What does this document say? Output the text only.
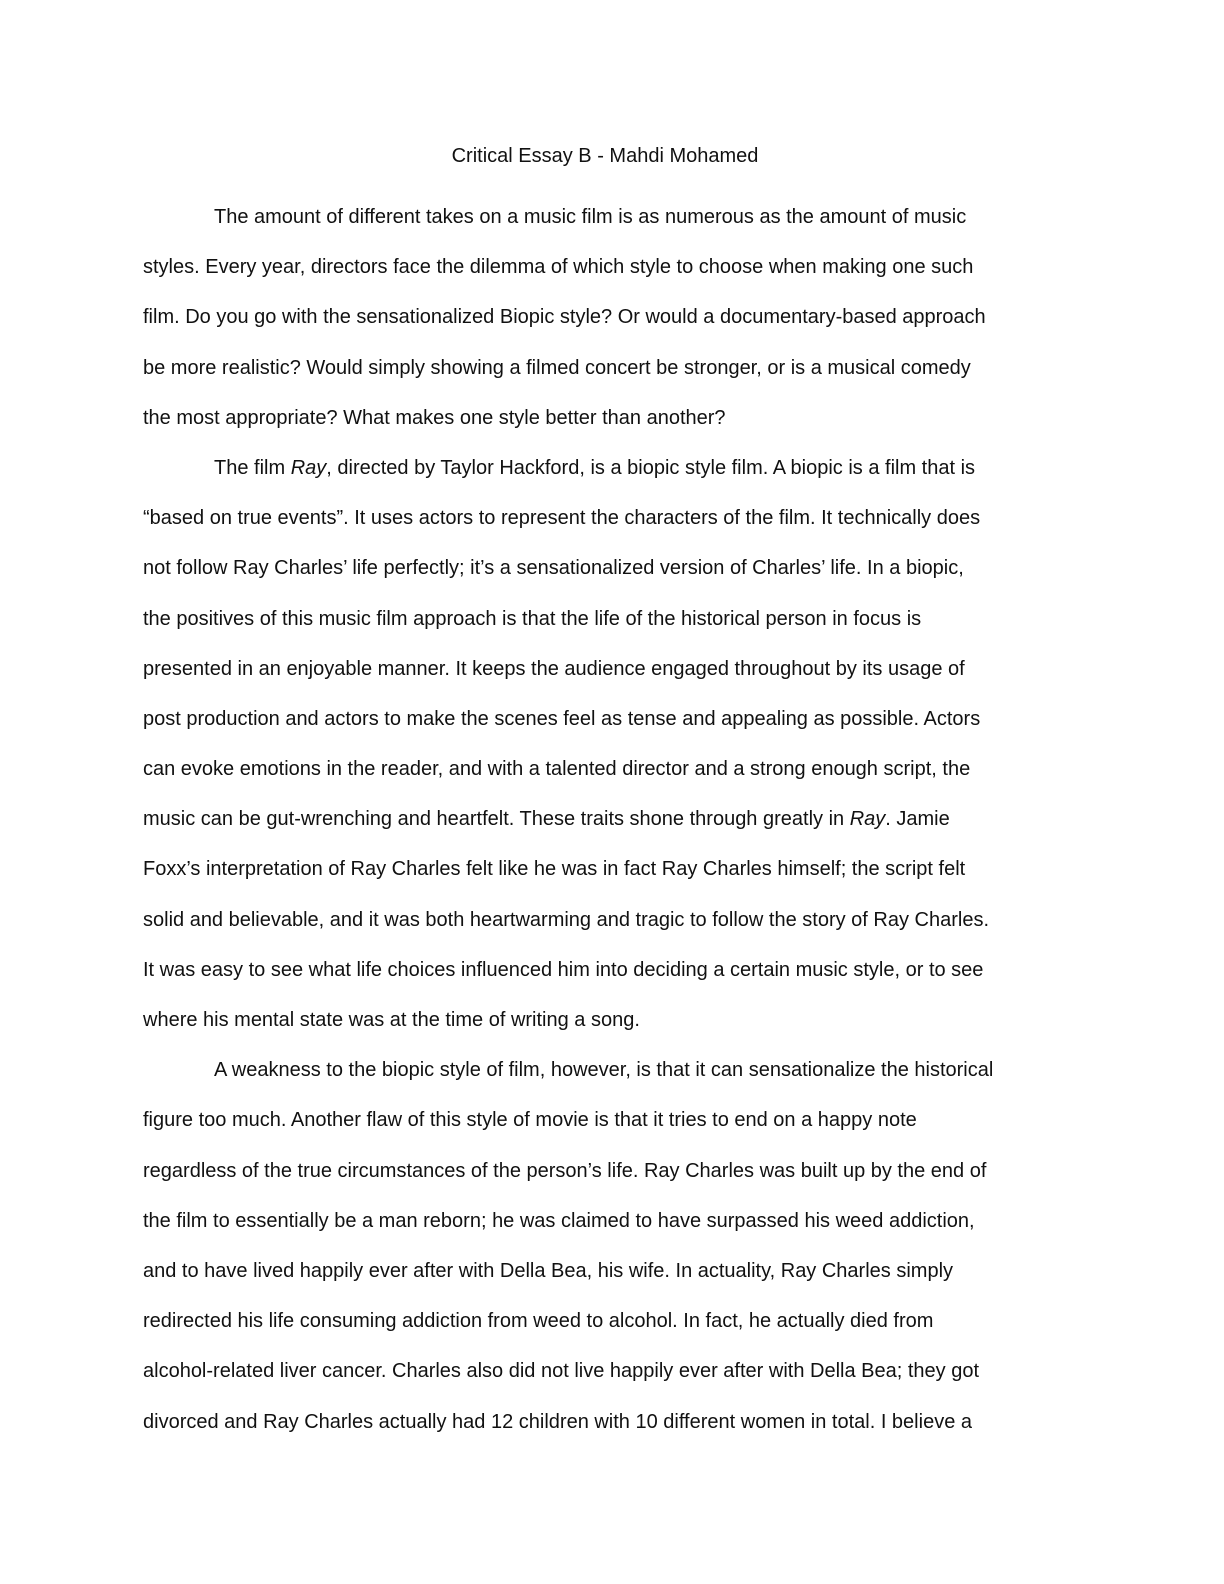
Critical Essay B - Mahdi Mohamed
The amount of different takes on a music film is as numerous as the amount of music
styles. Every year, directors face the dilemma of which style to choose when making one such
film. Do you go with the sensationalized Biopic style? Or would a documentary-based approach
be more realistic? Would simply showing a filmed concert be stronger, or is a musical comedy
the most appropriate? What makes one style better than another?
The film Ray, directed by Taylor Hackford, is a biopic style film. A biopic is a film that is
“based on true events”. It uses actors to represent the characters of the film. It technically does
not follow Ray Charles’ life perfectly; it’s a sensationalized version of Charles’ life. In a biopic,
the positives of this music film approach is that the life of the historical person in focus is
presented in an enjoyable manner. It keeps the audience engaged throughout by its usage of
post production and actors to make the scenes feel as tense and appealing as possible. Actors
can evoke emotions in the reader, and with a talented director and a strong enough script, the
music can be gut-wrenching and heartfelt. These traits shone through greatly in Ray. Jamie
Foxx’s interpretation of Ray Charles felt like he was in fact Ray Charles himself; the script felt
solid and believable, and it was both heartwarming and tragic to follow the story of Ray Charles.
It was easy to see what life choices influenced him into deciding a certain music style, or to see
where his mental state was at the time of writing a song.
A weakness to the biopic style of film, however, is that it can sensationalize the historical
figure too much. Another flaw of this style of movie is that it tries to end on a happy note
regardless of the true circumstances of the person’s life. Ray Charles was built up by the end of
the film to essentially be a man reborn; he was claimed to have surpassed his weed addiction,
and to have lived happily ever after with Della Bea, his wife. In actuality, Ray Charles simply
redirected his life consuming addiction from weed to alcohol. In fact, he actually died from
alcohol-related liver cancer. Charles also did not live happily ever after with Della Bea; they got
divorced and Ray Charles actually had 12 children with 10 different women in total. I believe a
